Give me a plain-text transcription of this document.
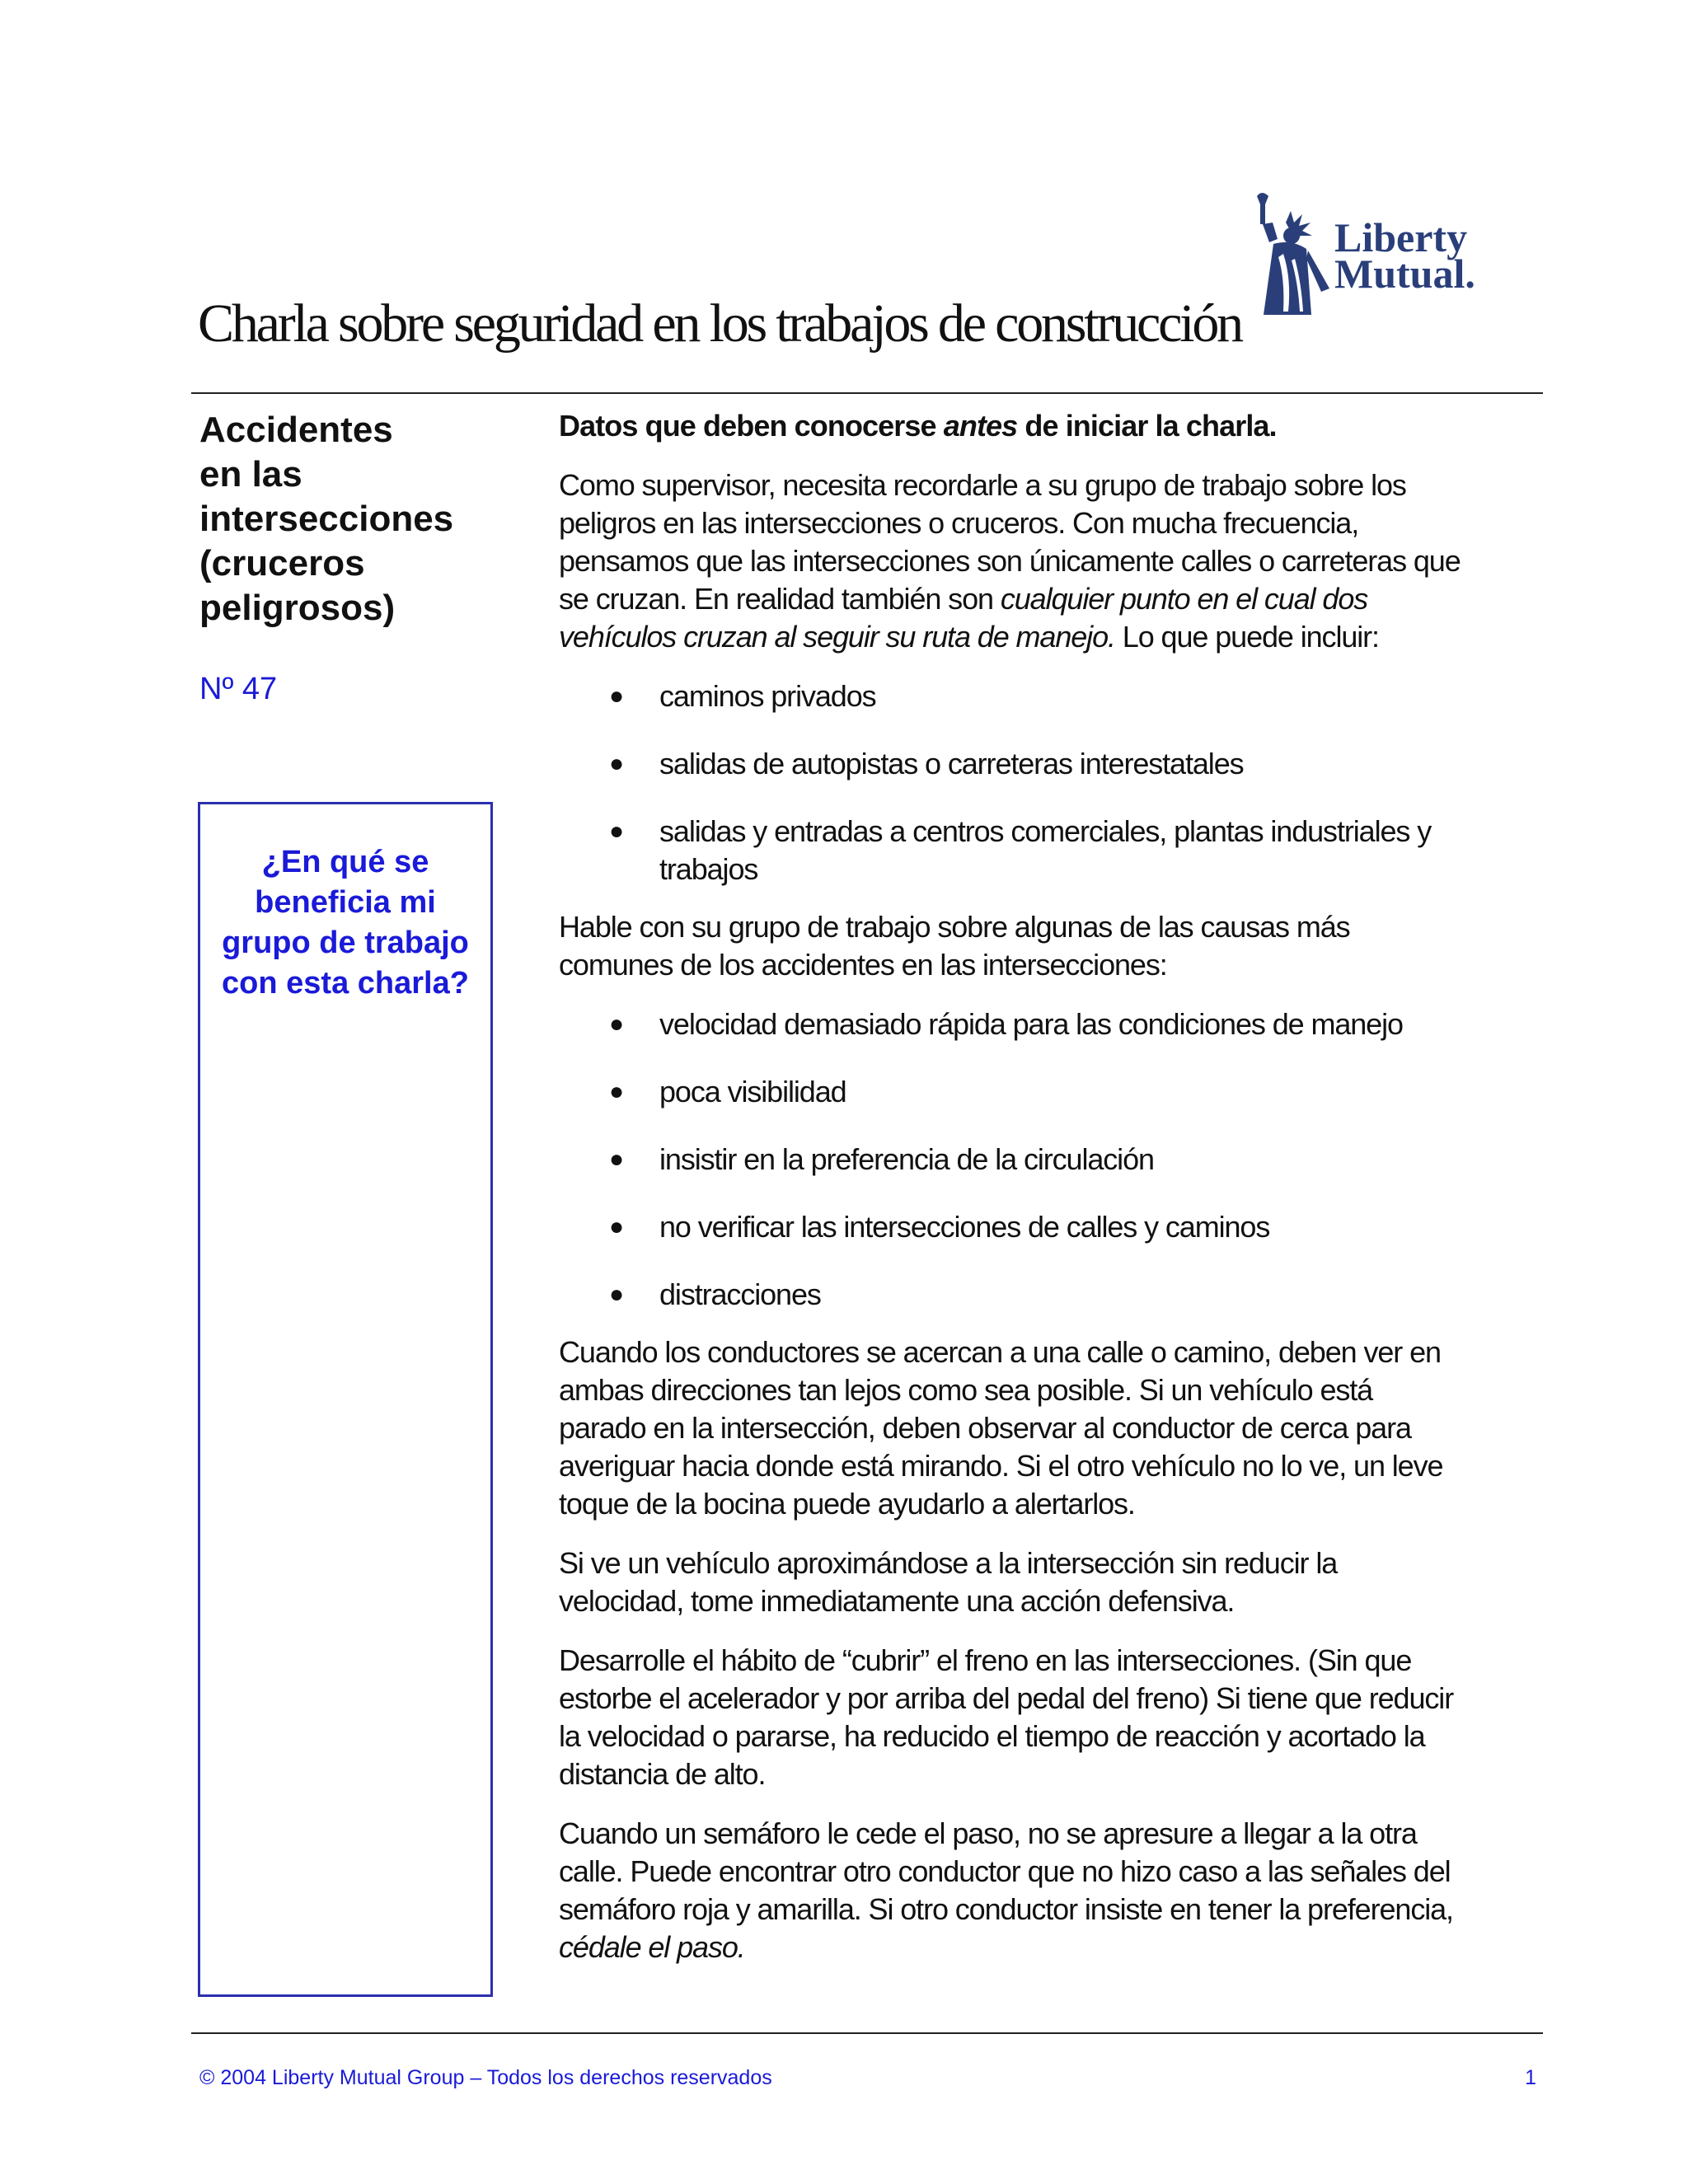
Liberty
Mutual.
Charla sobre seguridad en los trabajos de construcción
Accidentes
en las
intersecciones
(cruceros
peligrosos)
Nº 47

¿En qué se beneficia mi grupo de trabajo con esta charla?

Datos que deben conocerse antes de iniciar la charla.

Como supervisor, necesita recordarle a su grupo de trabajo sobre los
peligros en las intersecciones o cruceros. Con mucha frecuencia,
pensamos que las intersecciones son únicamente calles o carreteras que
se cruzan. En realidad también son cualquier punto en el cual dos
vehículos cruzan al seguir su ruta de manejo. Lo que puede incluir:

● caminos privados
● salidas de autopistas o carreteras interestatales
● salidas y entradas a centros comerciales, plantas industriales y
trabajos

Hable con su grupo de trabajo sobre algunas de las causas más
comunes de los accidentes en las intersecciones:

● velocidad demasiado rápida para las condiciones de manejo
● poca visibilidad
● insistir en la preferencia de la circulación
● no verificar las intersecciones de calles y caminos
● distracciones

Cuando los conductores se acercan a una calle o camino, deben ver en
ambas direcciones tan lejos como sea posible. Si un vehículo está
parado en la intersección, deben observar al conductor de cerca para
averiguar hacia donde está mirando. Si el otro vehículo no lo ve, un leve
toque de la bocina puede ayudarlo a alertarlos.

Si ve un vehículo aproximándose a la intersección sin reducir la
velocidad, tome inmediatamente una acción defensiva.

Desarrolle el hábito de “cubrir” el freno en las intersecciones. (Sin que
estorbe el acelerador y por arriba del pedal del freno) Si tiene que reducir
la velocidad o pararse, ha reducido el tiempo de reacción y acortado la
distancia de alto.

Cuando un semáforo le cede el paso, no se apresure a llegar a la otra
calle. Puede encontrar otro conductor que no hizo caso a las señales del
semáforo roja y amarilla. Si otro conductor insiste en tener la preferencia,
cédale el paso.

© 2004 Liberty Mutual Group – Todos los derechos reservados	1
